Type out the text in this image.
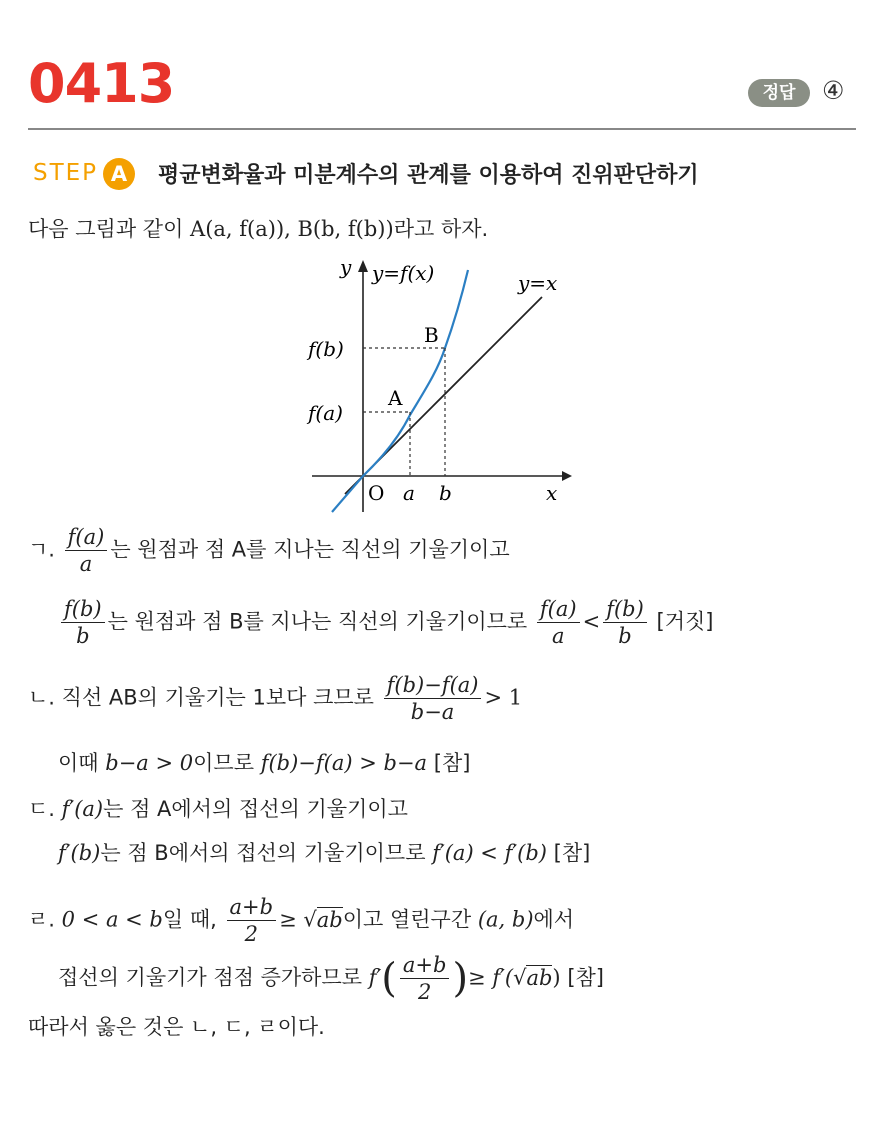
0413	정답	④
STEP A	평균변화율과 미분계수의 관계를 이용하여 진위판단하기
다음 그림과 같이 A(a, f(a)), B(b, f(b))라고 하자.
y y=f(x)	y=x
B
A
f(b)
f(a)
O a b	x
ㄱ. $\frac{f(a)}{a}$ 는 원점과 점 A를 지나는 직선의 기울기이고
$\frac{f(b)}{b}$ 는 원점과 점 B를 지나는 직선의 기울기이므로 $\frac{f(a)}{a} < \frac{f(b)}{b}$ [거짓]
ㄴ. 직선 AB의 기울기는 1보다 크므로 $\frac{f(b)-f(a)}{b-a} > 1$
이때 b−a > 0이므로 f(b)−f(a) > b−a [참]
ㄷ. f′(a)는 점 A에서의 접선의 기울기이고
f′(b)는 점 B에서의 접선의 기울기이므로 f′(a) < f′(b) [참]
ㄹ. 0 < a < b일 때, $\frac{a+b}{2} \ge √ab$이고 열린구간 (a, b)에서
접선의 기울기가 점점 증가하므로 $f'( \frac{a+b}{2}$ )≥ f′(√ab) [참]
따라서 옳은 것은 ㄴ, ㄷ, ㄹ이다.
